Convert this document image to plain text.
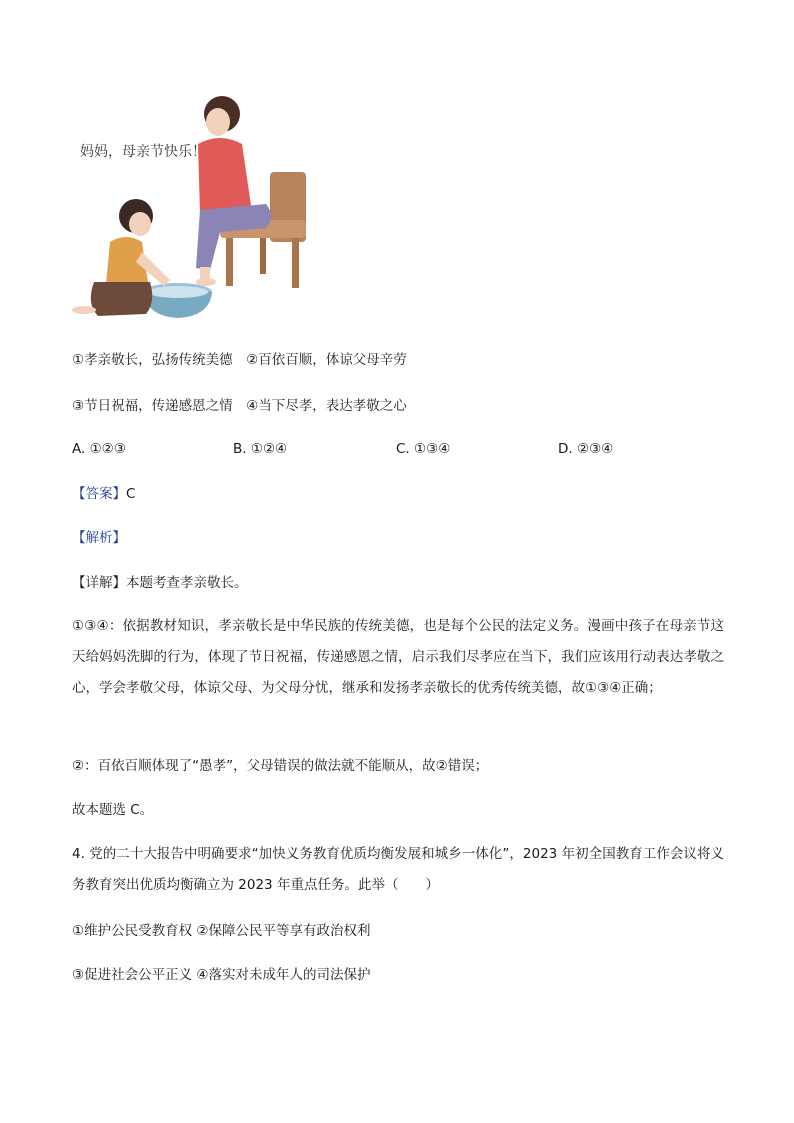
妈妈，母亲节快乐！
①孝亲敬长，弘扬传统美德　②百依百顺，体谅父母辛劳
③节日祝福，传递感恩之情　④当下尽孝，表达孝敬之心
A. ①②③	B. ①②④	C. ①③④	D. ②③④
【答案】C
【解析】
【详解】本题考查孝亲敬长。
①③④：依据教材知识，孝亲敬长是中华民族的传统美德，也是每个公民的法定义务。漫画中孩子在母亲节这天给妈妈洗脚的行为，体现了节日祝福，传递感恩之情，启示我们尽孝应在当下，我们应该用行动表达孝敬之心，学会孝敬父母，体谅父母、为父母分忧，继承和发扬孝亲敬长的优秀传统美德，故①③④正确；
②：百依百顺体现了“愚孝”，父母错误的做法就不能顺从，故②错误；
故本题选 C。
4. 党的二十大报告中明确要求“加快义务教育优质均衡发展和城乡一体化”，2023 年初全国教育工作会议将义务教育突出优质均衡确立为 2023 年重点任务。此举（　　）
①维护公民受教育权 ②保障公民平等享有政治权利
③促进社会公平正义 ④落实对未成年人的司法保护
